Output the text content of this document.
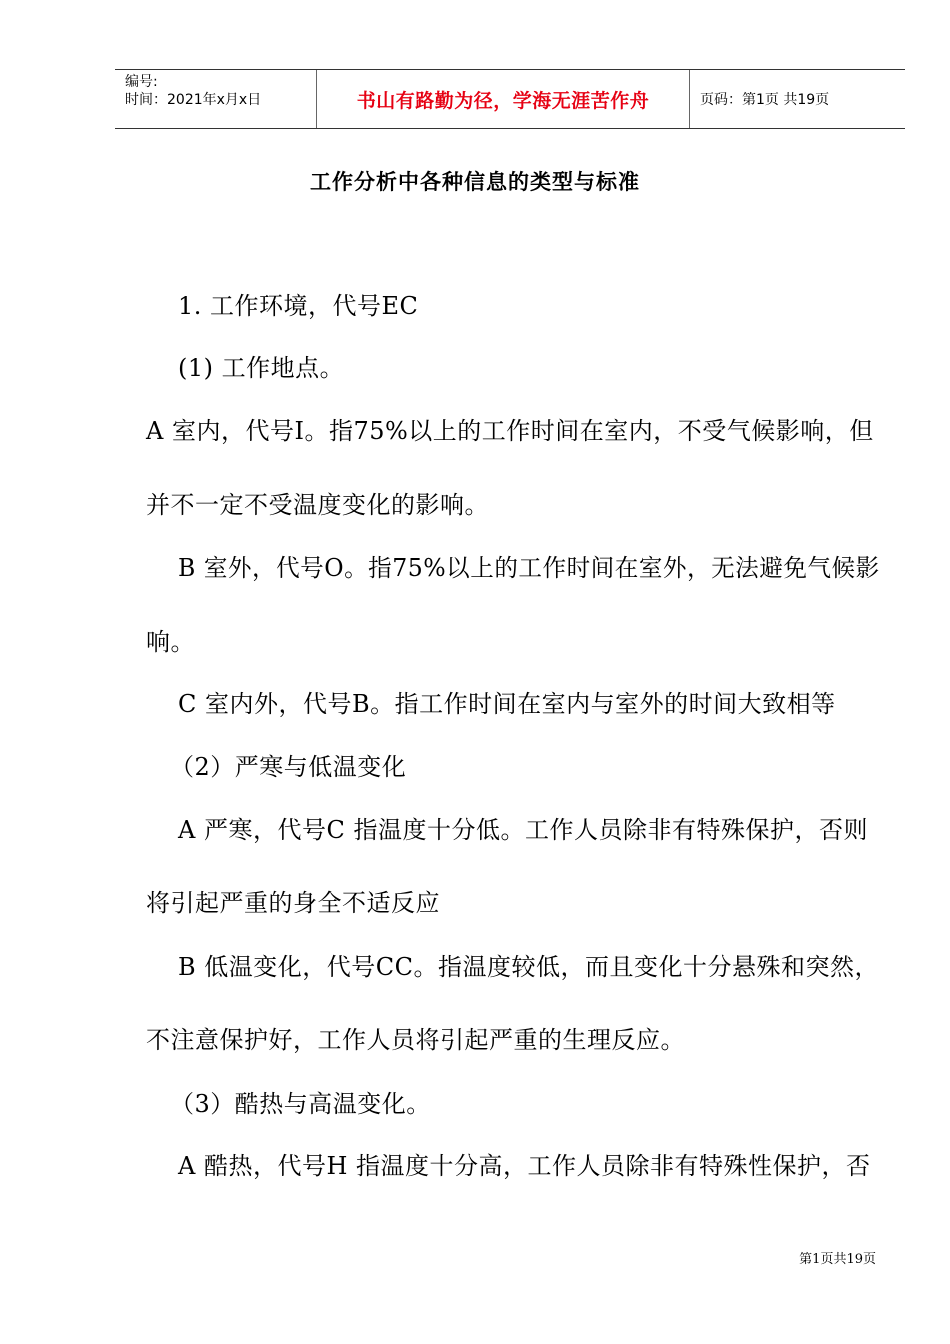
编号:
时间：2021年x月x日	书山有路勤为径，学海无涯苦作舟	页码：第1页 共19页
工作分析中各种信息的类型与标准
1. 工作环境，代号EC
(1) 工作地点。
A 室内，代号I。指75%以上的工作时间在室内，不受气候影响，但
并不一定不受温度变化的影响。
B 室外，代号O。指75%以上的工作时间在室外，无法避免气候影
响。
C 室内外，代号B。指工作时间在室内与室外的时间大致相等
（2）严寒与低温变化
A 严寒，代号C 指温度十分低。工作人员除非有特殊保护，否则
将引起严重的身全不适反应
B 低温变化，代号CC。指温度较低，而且变化十分悬殊和突然，
不注意保护好，工作人员将引起严重的生理反应。
（3）酷热与高温变化。
A 酷热，代号H 指温度十分高，工作人员除非有特殊性保护，否
第1页共19页
